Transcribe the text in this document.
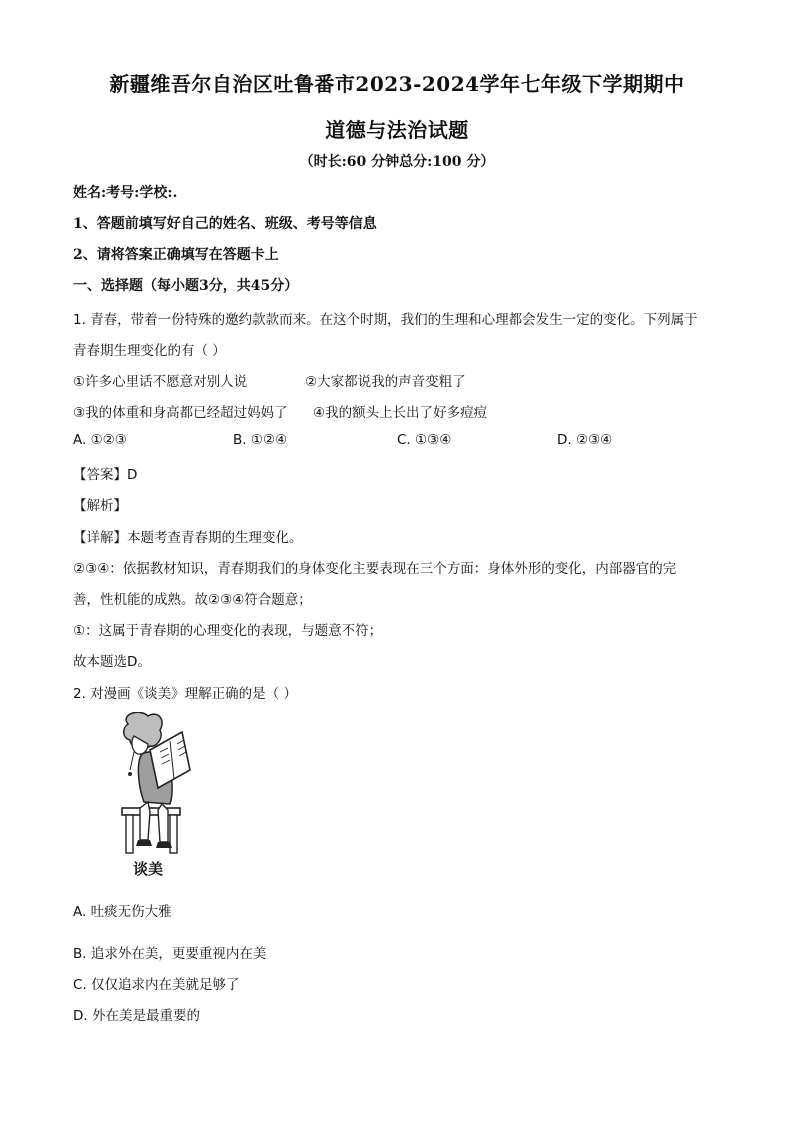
新疆维吾尔自治区吐鲁番市2023-2024学年七年级下学期期中
道德与法治试题
（时长:60 分钟总分:100 分）
姓名:考号:学校:.
1、答题前填写好自己的姓名、班级、考号等信息
2、请将答案正确填写在答题卡上
一、选择题（每小题3分，共45分）
1. 青春，带着一份特殊的邀约款款而来。在这个时期，我们的生理和心理都会发生一定的变化。下列属于
青春期生理变化的有（ ）
①许多心里话不愿意对别人说	②大家都说我的声音变粗了
③我的体重和身高都已经超过妈妈了 ④我的额头上长出了好多痘痘
A. ①②③	B. ①②④	C. ①③④	D. ②③④
【答案】D
【解析】
【详解】本题考查青春期的生理变化。
②③④：依据教材知识，青春期我们的身体变化主要表现在三个方面：身体外形的变化，内部器官的完
善，性机能的成熟。故②③④符合题意；
①：这属于青春期的心理变化的表现，与题意不符；
故本题选D。
2. 对漫画《谈美》理解正确的是（ ）
谈美
A. 吐痰无伤大雅
B. 追求外在美，更要重视内在美
C. 仅仅追求内在美就足够了
D. 外在美是最重要的
